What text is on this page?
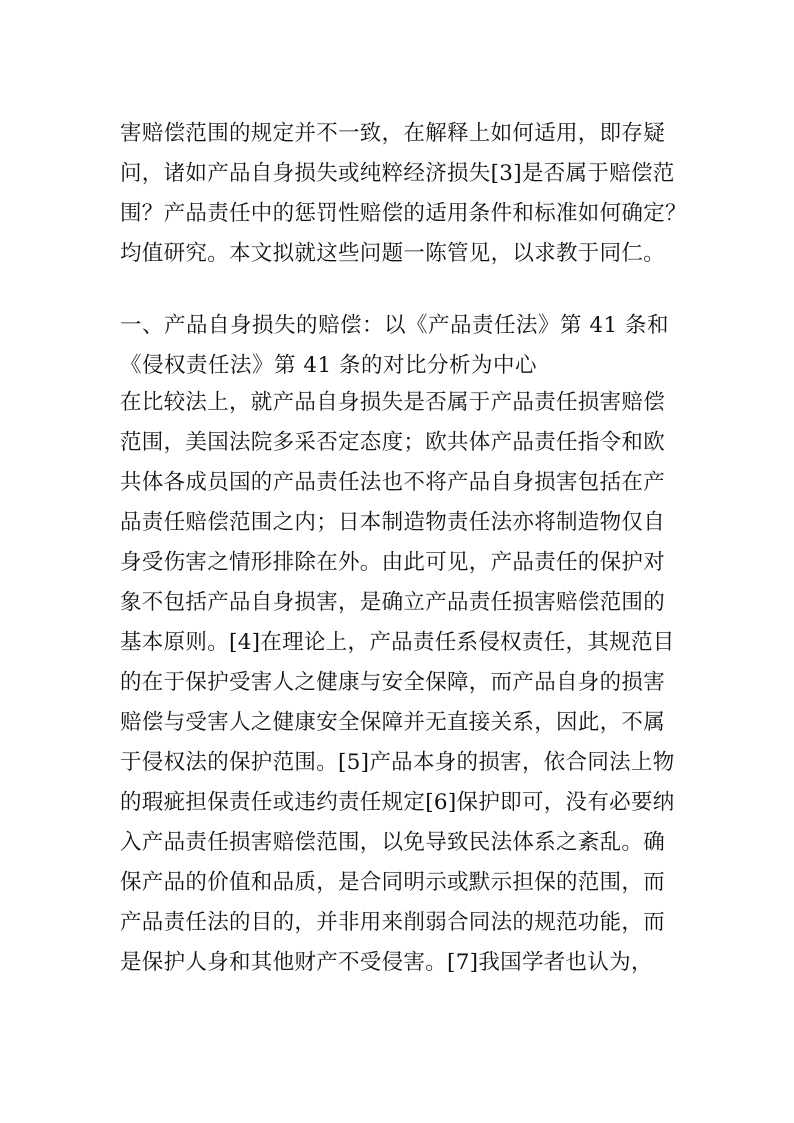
害赔偿范围的规定并不一致，在解释上如何适用，即存疑
问，诸如产品自身损失或纯粹经济损失[3]是否属于赔偿范
围？产品责任中的惩罚性赔偿的适用条件和标准如何确定？
均值研究。本文拟就这些问题一陈管见，以求教于同仁。
一、产品自身损失的赔偿：以《产品责任法》第 41 条和
《侵权责任法》第 41 条的对比分析为中心
在比较法上，就产品自身损失是否属于产品责任损害赔偿
范围，美国法院多采否定态度；欧共体产品责任指令和欧
共体各成员国的产品责任法也不将产品自身损害包括在产
品责任赔偿范围之内；日本制造物责任法亦将制造物仅自
身受伤害之情形排除在外。由此可见，产品责任的保护对
象不包括产品自身损害，是确立产品责任损害赔偿范围的
基本原则。[4]在理论上，产品责任系侵权责任，其规范目
的在于保护受害人之健康与安全保障，而产品自身的损害
赔偿与受害人之健康安全保障并无直接关系，因此，不属
于侵权法的保护范围。[5]产品本身的损害，依合同法上物
的瑕疵担保责任或违约责任规定[6]保护即可，没有必要纳
入产品责任损害赔偿范围，以免导致民法体系之紊乱。确
保产品的价值和品质，是合同明示或默示担保的范围，而
产品责任法的目的，并非用来削弱合同法的规范功能，而
是保护人身和其他财产不受侵害。[7]我国学者也认为，
